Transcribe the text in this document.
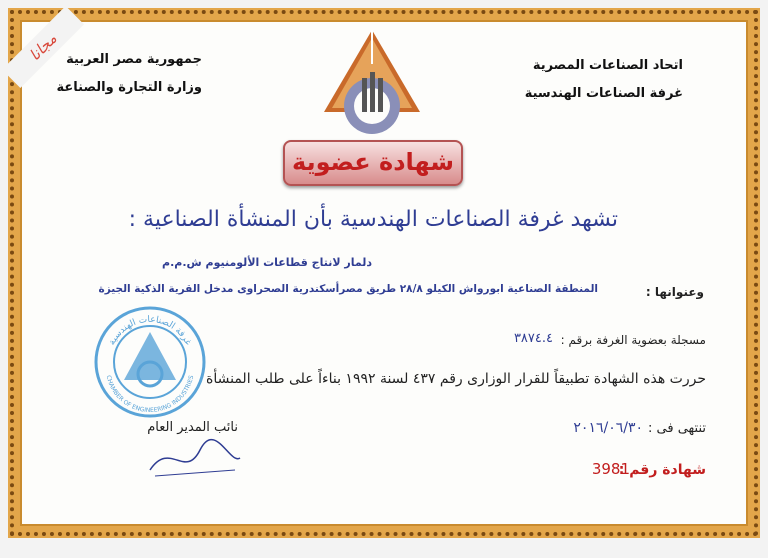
مجانا جمهورية مصر العربية
وزارة التجارة والصناعة
اتحاد الصناعات المصرية
غرفة الصناعات الهندسية
شهادة عضوية
تشهد غرفة الصناعات الهندسية بأن المنشأة الصناعية :
دلمار لانتاج قطاعات الألومنيوم ش.م.م
وعنوانها :
المنطقة الصناعية ابورواش الكيلو ٢٨/٨ طريق مصرأسكندرية الصحراوى مدخل القرية الذكية الجيزة
مسجلة بعضوية الغرفة برقم :
٣٨٧٤.٤
حررت هذه الشهادة تطبيقاً للقرار الوزارى رقم ٤٣٧ لسنة ١٩٩٢ بناءاً على طلب المنشأة
تنتهى فى :
٢٠١٦/٠٦/٣٠
شهادة رقم :
3981
غرفة الصناعات الهندسية
CHAMBER OF ENGINEERING INDUSTRIES
نائب المدير العام
